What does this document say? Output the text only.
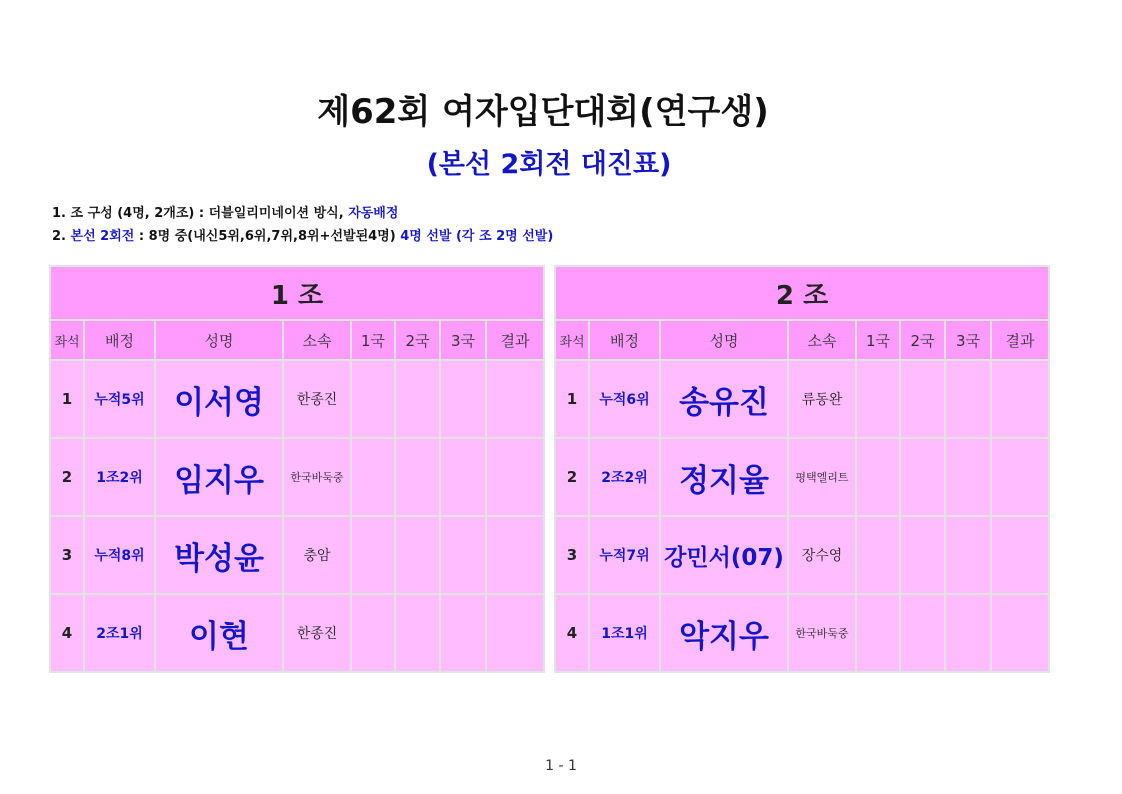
제62회 여자입단대회(연구생)
(본선 2회전 대진표)
1. 조 구성 (4명, 2개조) : 더블일리미네이션 방식, 자동배정
2. 본선 2회전 : 8명 중(내신5위,6위,7위,8위+선발된4명) 4명 선발 (각 조 2명 선발)
1 조							
좌석	배정	성명	소속	1국	2국	3국	결과
1	누적5위	이서영	한종진				
2	1조2위	임지우	한국바둑중				
3	누적8위	박성윤	충암				
4	2조1위	이현	한종진				
2 조							
좌석	배정	성명	소속	1국	2국	3국	결과
1	누적6위	송유진	류동완				
2	2조2위	정지율	평택엘리트				
3	누적7위	강민서(07)	장수영				
4	1조1위	악지우	한국바둑중				
1 - 1
